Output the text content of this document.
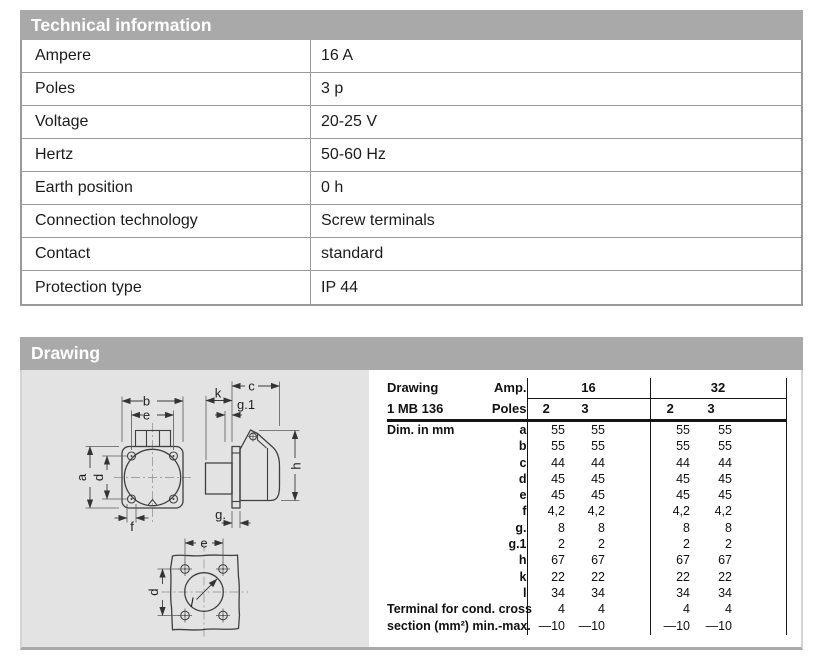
Technical information
Ampere	16 A
Poles	3 p
Voltage	20-25 V
Hertz	50-60 Hz
Earth position	0 h
Connection technology	Screw terminals
Contact	standard
Protection type	IP 44
Drawing
b
e
a d
f
c
k
g.1
h
g.
l
e
d
Drawing	Amp.	16			32		
1 MB 136	Poles	2	3		2	3	
Dim. in mm	a	55	55		55	55	
	b	55	55		55	55	
	c	44	44		44	44	
	d	45	45		45	45	
	e	45	45		45	45	
	f	4,2	4,2		4,2	4,2	
	g.	8	8		8	8	
	g.1	2	2		2	2	
	h	67	67		67	67	
	k	22	22		22	22	
	l	34	34		34	34	
Terminal for cond. cross		4	4		4	4	
section (mm²) min.-max.		—10	—10		—10	—10	
